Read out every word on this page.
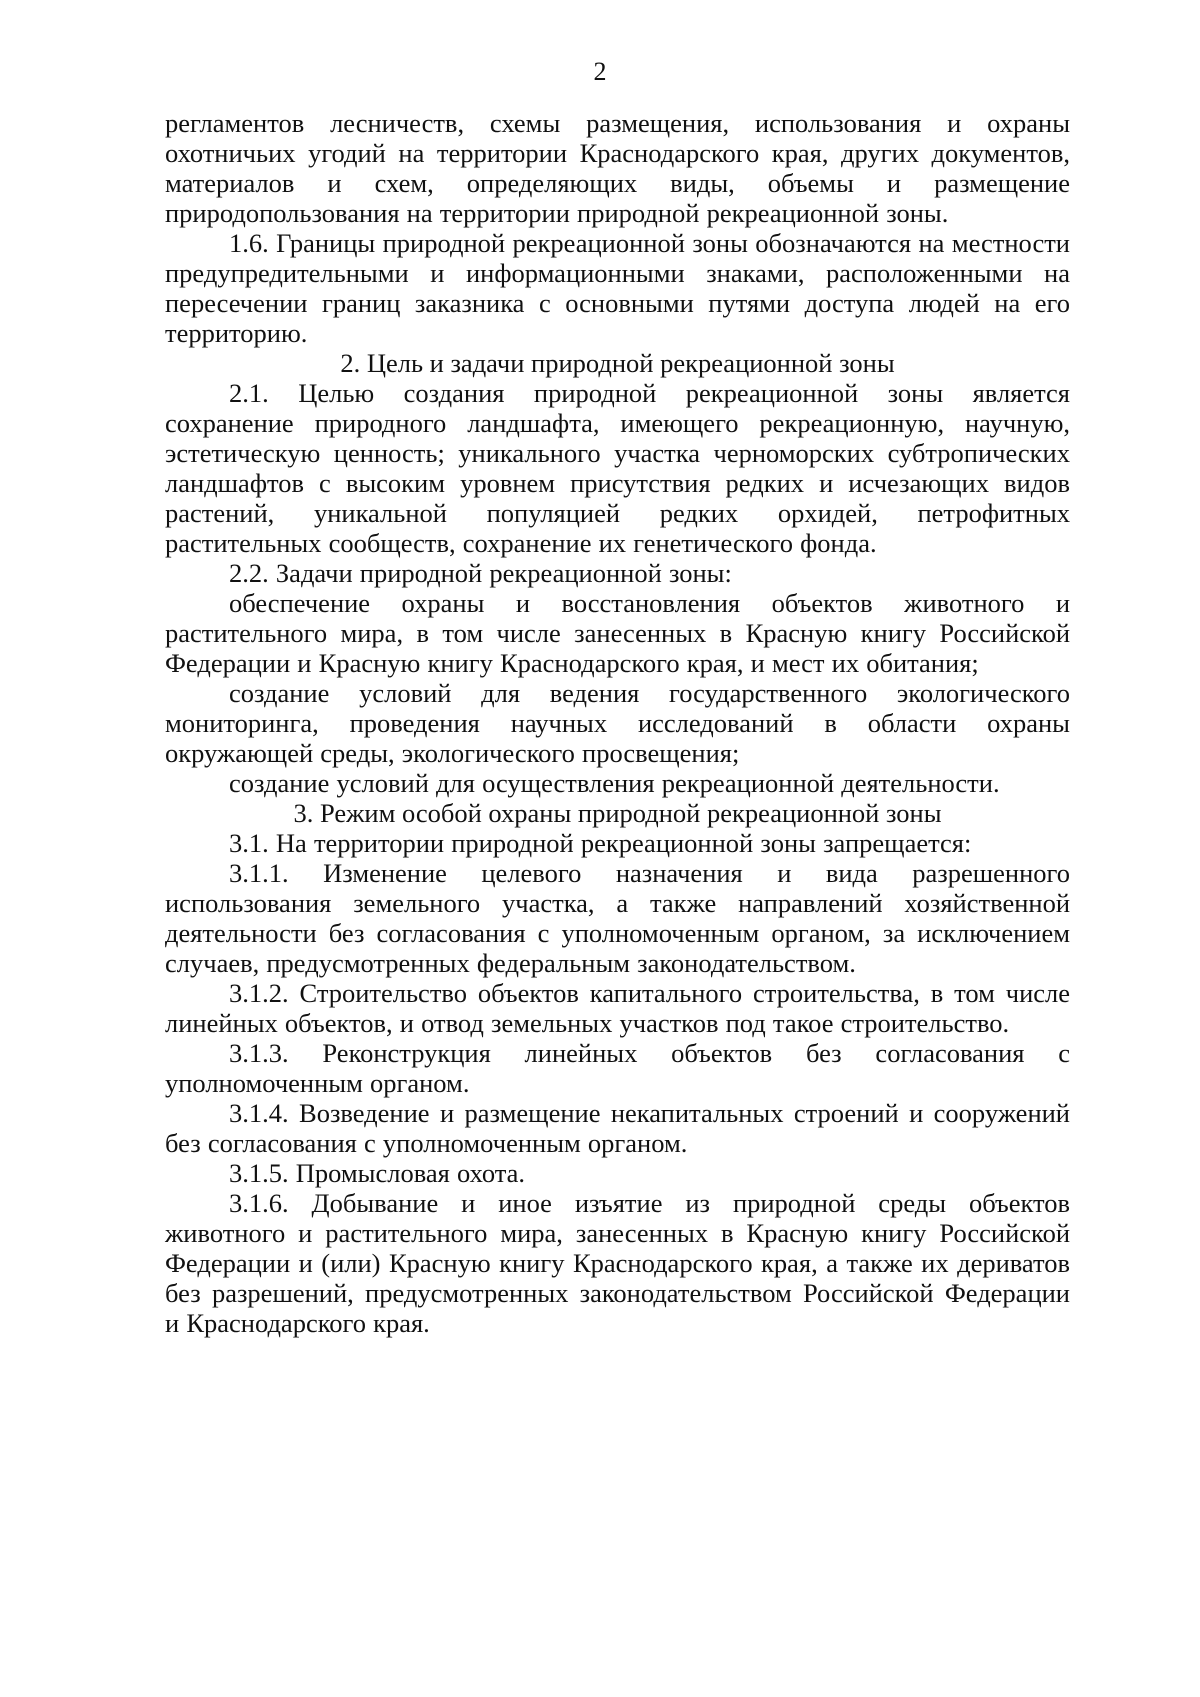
2

регламентов лесничеств, схемы размещения, использования и охраны охотничьих угодий на территории Краснодарского края, других документов, материалов и схем, определяющих виды, объемы и размещение природопользования на территории природной рекреационной зоны.

1.6. Границы природной рекреационной зоны обозначаются на местности предупредительными и информационными знаками, расположенными на пересечении границ заказника с основными путями доступа людей на его территорию.

2. Цель и задачи природной рекреационной зоны

2.1. Целью создания природной рекреационной зоны является сохранение природного ландшафта, имеющего рекреационную, научную, эстетическую ценность; уникального участка черноморских субтропических ландшафтов с высоким уровнем присутствия редких и исчезающих видов растений, уникальной популяцией редких орхидей, петрофитных растительных сообществ, сохранение их генетического фонда.

2.2. Задачи природной рекреационной зоны:

обеспечение охраны и восстановления объектов животного и растительного мира, в том числе занесенных в Красную книгу Российской Федерации и Красную книгу Краснодарского края, и мест их обитания;

создание условий для ведения государственного экологического мониторинга, проведения научных исследований в области охраны окружающей среды, экологического просвещения;

создание условий для осуществления рекреационной деятельности.

3. Режим особой охраны природной рекреационной зоны

3.1. На территории природной рекреационной зоны запрещается:

3.1.1. Изменение целевого назначения и вида разрешенного использования земельного участка, а также направлений хозяйственной деятельности без согласования с уполномоченным органом, за исключением случаев, предусмотренных федеральным законодательством.

3.1.2. Строительство объектов капитального строительства, в том числе линейных объектов, и отвод земельных участков под такое строительство.

3.1.3. Реконструкция линейных объектов без согласования с уполномоченным органом.

3.1.4. Возведение и размещение некапитальных строений и сооружений без согласования с уполномоченным органом.

3.1.5. Промысловая охота.

3.1.6. Добывание и иное изъятие из природной среды объектов животного и растительного мира, занесенных в Красную книгу Российской Федерации и (или) Красную книгу Краснодарского края, а также их дериватов без разрешений, предусмотренных законодательством Российской Федерации и Краснодарского края.
